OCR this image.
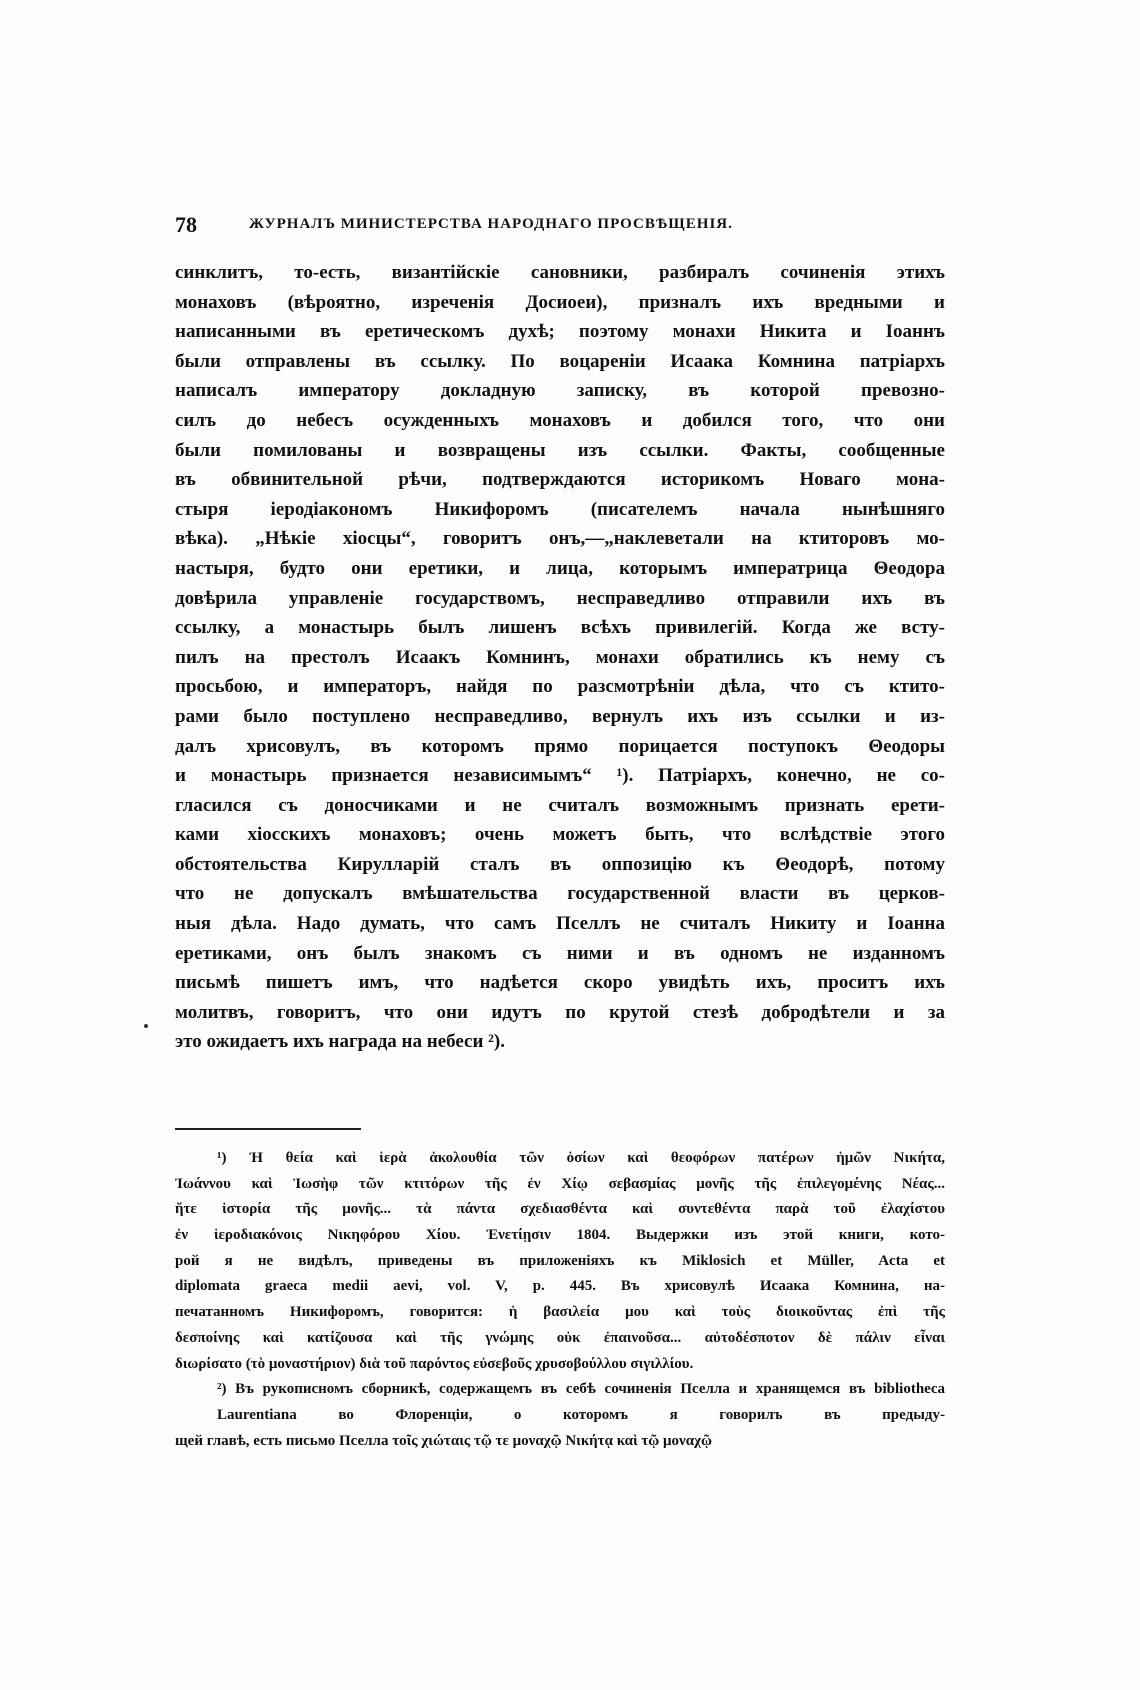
78	ЖУРНАЛЪ МИНИСТЕРСТВА НАРОДНАГО ПРОСВѢЩЕНІЯ.
синклитъ, то-есть, византійскіе сановники, разбиралъ сочиненія этихъ
монаховъ (вѣроятно, изреченія Досиоеи), призналъ ихъ вредными и
написанными въ еретическомъ духѣ; поэтому монахи Никита и Іоаннъ
были отправлены въ ссылку. По воцареніи Исаака Комнина патріархъ
написалъ императору докладную записку, въ которой превозно-
силъ до небесъ осужденныхъ монаховъ и добился того, что они
были помилованы и возвращены изъ ссылки. Факты, сообщенные
въ обвинительной рѣчи, подтверждаются историкомъ Новаго мона-
стыря іеродіакономъ Никифоромъ (писателемъ начала нынѣшняго
вѣка). „Нѣкіе хіосцы“, говоритъ онъ,—„наклеветали на ктиторовъ мо-
настыря, будто они еретики, и лица, которымъ императрица Θеодора
довѣрила управленіе государствомъ, несправедливо отправили ихъ въ
ссылку, а монастырь былъ лишенъ всѣхъ привилегій. Когда же всту-
пилъ на престолъ Исаакъ Комнинъ, монахи обратились къ нему съ
просьбою, и императоръ, найдя по разсмотрѣніи дѣла, что съ ктито-
рами было поступлено несправедливо, вернулъ ихъ изъ ссылки и из-
далъ хрисовулъ, въ которомъ прямо порицается поступокъ Θеодоры
и монастырь признается независимымъ“ ¹). Патріархъ, конечно, не со-
гласился съ доносчиками и не считалъ возможнымъ признать ерети-
ками хіосскихъ монаховъ; очень можетъ быть, что вслѣдствіе этого
обстоятельства Кирулларій сталъ въ оппозицію къ Θеодорѣ, потому
что не допускалъ вмѣшательства государственной власти въ церков-
ныя дѣла. Надо думать, что самъ Пселлъ не считалъ Никиту и Іоанна
еретиками, онъ былъ знакомъ съ ними и въ одномъ не изданномъ
письмѣ пишетъ имъ, что надѣется скоро увидѣть ихъ, проситъ ихъ
молитвъ, говоритъ, что они идутъ по крутой стезѣ добродѣтели и за
это ожидаетъ ихъ награда на небеси ²).
¹) Ἡ θεία καὶ ἱερὰ ἀκολουθία τῶν ὁσίων καὶ θεοφόρων πατέρων ἡμῶν Νικήτα,
Ἰωάννου καὶ Ἰωσὴφ τῶν κτιτόρων τῆς ἐν Χίῳ σεβασμίας μονῆς τῆς ἐπιλεγομένης Νέας...
ἥτε ἱστορία τῆς μονῆς... τὰ πάντα σχεδιασθέντα καὶ συντεθέντα παρὰ τοῦ ἐλαχίστου
ἐν ἱεροδιακόνοις Νικηφόρου Χίου. Ἐνετίῃσιν 1804. Выдержки изъ этой книги, кото-
рой я не видѣлъ, приведены въ приложеніяхъ къ Miklosich et Müller, Acta et
diplomata graeca medii aevi, vol. V, p. 445. Въ хрисовулѣ Исаака Комнина, на-
печатанномъ Никифоромъ, говорится: ἡ βασιλεία μου καὶ τοὺς διοικοῦντας ἐπὶ τῆς
δεσποίνης καὶ κατίζουσα καὶ τῆς γνώμης οὐκ ἐπαινοῦσα... αὐτοδέσποτον δὲ πάλιν εἶναι
διωρίσατο (τὸ μοναστήριον) διὰ τοῦ παρόντος εὐσεβοῦς χρυσοβούλλου σιγιλλίου.
²) Въ рукописномъ сборникѣ, содержащемъ въ себѣ сочиненія Пселла и хранящемся въ bibliotheca Laurentiana во Флоренціи, о которомъ я говорилъ въ предыду-
щей главѣ, есть письмо Пселла τοῖς χιώταις τῷ τε μοναχῷ Νικήτᾳ καὶ τῷ μοναχῷ
